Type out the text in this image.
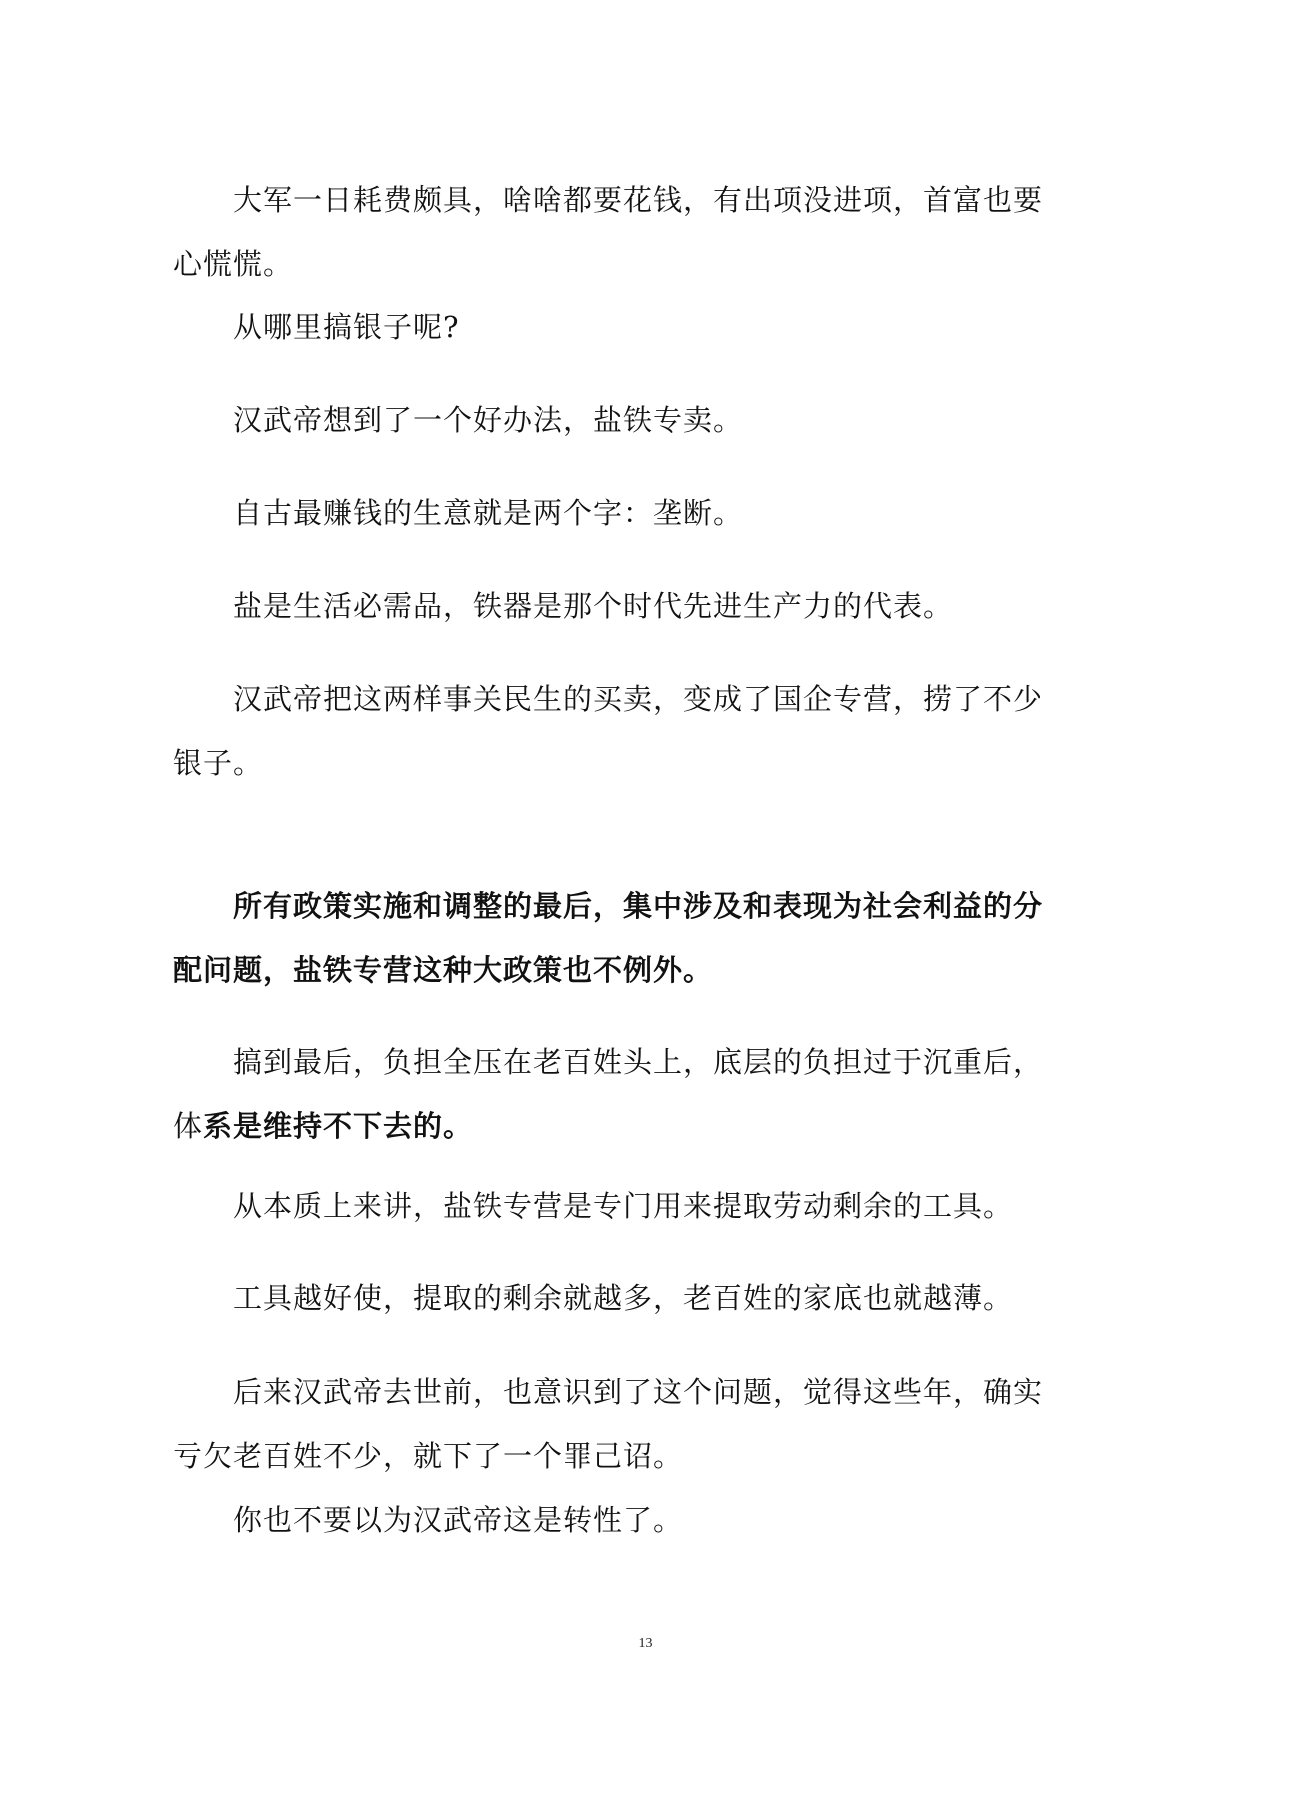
大军一日耗费颇具，啥啥都要花钱，有出项没进项，首富也要心慌慌。

从哪里搞银子呢?

汉武帝想到了一个好办法，盐铁专卖。

自古最赚钱的生意就是两个字：垄断。

盐是生活必需品，铁器是那个时代先进生产力的代表。

汉武帝把这两样事关民生的买卖，变成了国企专营，捞了不少银子。

所有政策实施和调整的最后，集中涉及和表现为社会利益的分配问题，盐铁专营这种大政策也不例外。

搞到最后，负担全压在老百姓头上，底层的负担过于沉重后，体系是维持不下去的。

从本质上来讲，盐铁专营是专门用来提取劳动剩余的工具。

工具越好使，提取的剩余就越多，老百姓的家底也就越薄。

后来汉武帝去世前，也意识到了这个问题，觉得这些年，确实亏欠老百姓不少，就下了一个罪己诏。

你也不要以为汉武帝这是转性了。

13
